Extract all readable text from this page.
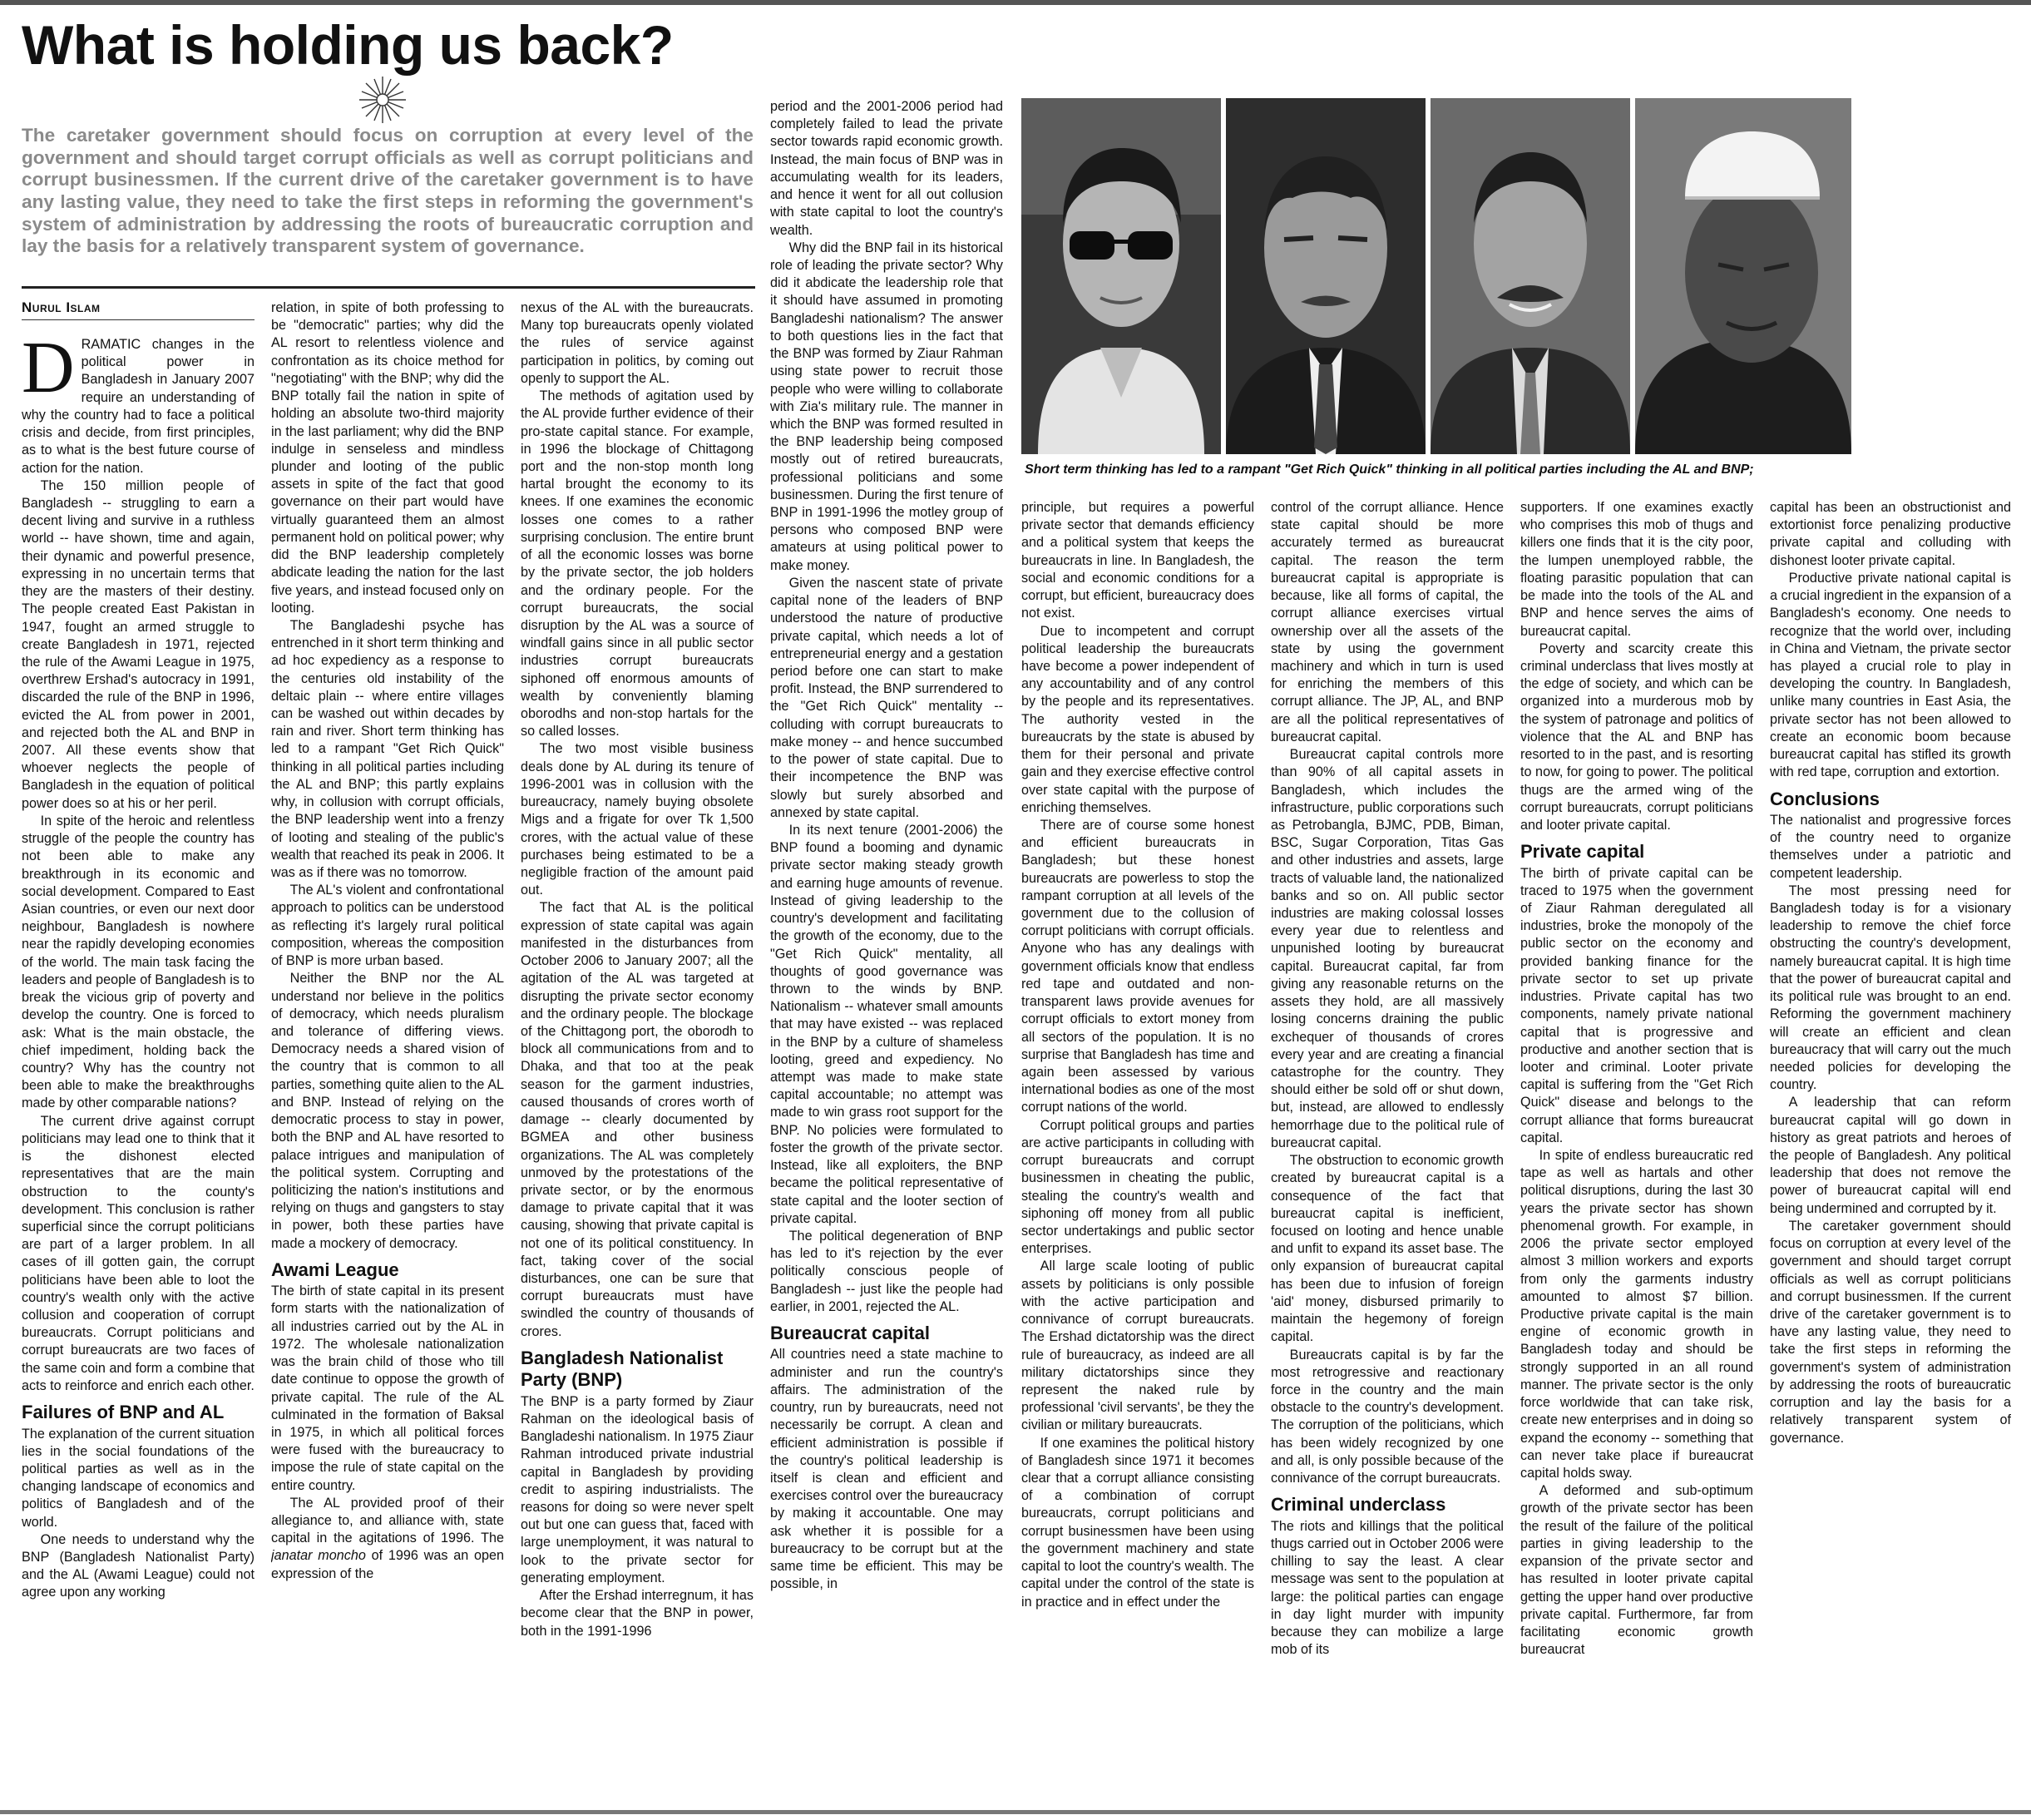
What is holding us back?

The caretaker government should focus on corruption at every level of the government and should target corrupt officials as well as corrupt politicians and corrupt businessmen. If the current drive of the caretaker government is to have any lasting value, they need to take the first steps in reforming the government's system of administration by addressing the roots of bureaucratic corruption and lay the basis for a relatively transparent system of governance.

Nurul Islam

DRAMATIC changes in the political power in Bangladesh in January 2007 require an understanding of why the country had to face a political crisis and decide, from first principles, as to what is the best future course of action for the nation.

The 150 million people of Bangladesh -- struggling to earn a decent living and survive in a ruthless world -- have shown, time and again, their dynamic and powerful presence, expressing in no uncertain terms that they are the masters of their destiny. The people created East Pakistan in 1947, fought an armed struggle to create Bangladesh in 1971, rejected the rule of the Awami League in 1975, overthrew Ershad's autocracy in 1991, discarded the rule of the BNP in 1996, evicted the AL from power in 2001, and rejected both the AL and BNP in 2007. All these events show that whoever neglects the people of Bangladesh in the equation of political power does so at his or her peril.

In spite of the heroic and relentless struggle of the people the country has not been able to make any breakthrough in its economic and social development. Compared to East Asian countries, or even our next door neighbour, Bangladesh is nowhere near the rapidly developing economies of the world. The main task facing the leaders and people of Bangladesh is to break the vicious grip of poverty and develop the country. One is forced to ask: What is the main obstacle, the chief impediment, holding back the country? Why has the country not been able to make the breakthroughs made by other comparable nations?

The current drive against corrupt politicians may lead one to think that it is the dishonest elected representatives that are the main obstruction to the county's development. This conclusion is rather superficial since the corrupt politicians are part of a larger problem. In all cases of ill gotten gain, the corrupt politicians have been able to loot the country's wealth only with the active collusion and cooperation of corrupt bureaucrats. Corrupt politicians and corrupt bureaucrats are two faces of the same coin and form a combine that acts to reinforce and enrich each other.

Failures of BNP and AL

The explanation of the current situation lies in the social foundations of the political parties as well as in the changing landscape of economics and politics of Bangladesh and of the world.

One needs to understand why the BNP (Bangladesh Nationalist Party) and the AL (Awami League) could not agree upon any working

relation, in spite of both professing to be "democratic" parties; why did the AL resort to relentless violence and confrontation as its choice method for "negotiating" with the BNP; why did the BNP totally fail the nation in spite of holding an absolute two-third majority in the last parliament; why did the BNP indulge in senseless and mindless plunder and looting of the public assets in spite of the fact that good governance on their part would have virtually guaranteed them an almost permanent hold on political power; why did the BNP leadership completely abdicate leading the nation for the last five years, and instead focused only on looting.

The Bangladeshi psyche has entrenched in it short term thinking and ad hoc expediency as a response to the centuries old instability of the deltaic plain -- where entire villages can be washed out within decades by rain and river. Short term thinking has led to a rampant "Get Rich Quick" thinking in all political parties including the AL and BNP; this partly explains why, in collusion with corrupt officials, the BNP leadership went into a frenzy of looting and stealing of the public's wealth that reached its peak in 2006. It was as if there was no tomorrow.

The AL's violent and confrontational approach to politics can be understood as reflecting it's largely rural political composition, whereas the composition of BNP is more urban based.

Neither the BNP nor the AL understand nor believe in the politics of democracy, which needs pluralism and tolerance of differing views. Democracy needs a shared vision of the country that is common to all parties, something quite alien to the AL and BNP. Instead of relying on the democratic process to stay in power, both the BNP and AL have resorted to palace intrigues and manipulation of the political system. Corrupting and politicizing the nation's institutions and relying on thugs and gangsters to stay in power, both these parties have made a mockery of democracy.

Awami League

The birth of state capital in its present form starts with the nationalization of all industries carried out by the AL in 1972. The wholesale nationalization was the brain child of those who till date continue to oppose the growth of private capital. The rule of the AL culminated in the formation of Baksal in 1975, in which all political forces were fused with the bureaucracy to impose the rule of state capital on the entire country.

The AL provided proof of their allegiance to, and alliance with, state capital in the agitations of 1996. The janatar moncho of 1996 was an open expression of the

nexus of the AL with the bureaucrats. Many top bureaucrats openly violated the rules of service against participation in politics, by coming out openly to support the AL.

The methods of agitation used by the AL provide further evidence of their pro-state capital stance. For example, in 1996 the blockage of Chittagong port and the non-stop month long hartal brought the economy to its knees. If one examines the economic losses one comes to a rather surprising conclusion. The entire brunt of all the economic losses was borne by the private sector, the job holders and the ordinary people. For the corrupt bureaucrats, the social disruption by the AL was a source of windfall gains since in all public sector industries corrupt bureaucrats siphoned off enormous amounts of wealth by conveniently blaming oborodhs and non-stop hartals for the so called losses.

The two most visible business deals done by AL during its tenure of 1996-2001 was in collusion with the bureaucracy, namely buying obsolete Migs and a frigate for over Tk 1,500 crores, with the actual value of these purchases being estimated to be a negligible fraction of the amount paid out.

The fact that AL is the political expression of state capital was again manifested in the disturbances from October 2006 to January 2007; all the agitation of the AL was targeted at disrupting the private sector economy and the ordinary people. The blockage of the Chittagong port, the oborodh to block all communications from and to Dhaka, and that too at the peak season for the garment industries, caused thousands of crores worth of damage -- clearly documented by BGMEA and other business organizations. The AL was completely unmoved by the protestations of the private sector, or by the enormous damage to private capital that it was causing, showing that private capital is not one of its political constituency. In fact, taking cover of the social disturbances, one can be sure that corrupt bureaucrats must have swindled the country of thousands of crores.

Bangladesh Nationalist Party (BNP)

The BNP is a party formed by Ziaur Rahman on the ideological basis of Bangladeshi nationalism. In 1975 Ziaur Rahman introduced private industrial capital in Bangladesh by providing credit to aspiring industrialists. The reasons for doing so were never spelt out but one can guess that, faced with large unemployment, it was natural to look to the private sector for generating employment.

After the Ershad interregnum, it has become clear that the BNP in power, both in the 1991-1996

period and the 2001-2006 period had completely failed to lead the private sector towards rapid economic growth. Instead, the main focus of BNP was in accumulating wealth for its leaders, and hence it went for all out collusion with state capital to loot the country's wealth.

Why did the BNP fail in its historical role of leading the private sector? Why did it abdicate the leadership role that it should have assumed in promoting Bangladeshi nationalism? The answer to both questions lies in the fact that the BNP was formed by Ziaur Rahman using state power to recruit those people who were willing to collaborate with Zia's military rule. The manner in which the BNP was formed resulted in the BNP leadership being composed mostly out of retired bureaucrats, professional politicians and some businessmen. During the first tenure of BNP in 1991-1996 the motley group of persons who composed BNP were amateurs at using political power to make money.

Given the nascent state of private capital none of the leaders of BNP understood the nature of productive private capital, which needs a lot of entrepreneurial energy and a gestation period before one can start to make profit. Instead, the BNP surrendered to the "Get Rich Quick" mentality -- colluding with corrupt bureaucrats to make money -- and hence succumbed to the power of state capital. Due to their incompetence the BNP was slowly but surely absorbed and annexed by state capital.

In its next tenure (2001-2006) the BNP found a booming and dynamic private sector making steady growth and earning huge amounts of revenue. Instead of giving leadership to the country's development and facilitating the growth of the economy, due to the "Get Rich Quick" mentality, all thoughts of good governance was thrown to the winds by BNP. Nationalism -- whatever small amounts that may have existed -- was replaced in the BNP by a culture of shameless looting, greed and expediency. No attempt was made to make state capital accountable; no attempt was made to win grass root support for the BNP. No policies were formulated to foster the growth of the private sector. Instead, like all exploiters, the BNP became the political representative of state capital and the looter section of private capital.

The political degeneration of BNP has led to it's rejection by the ever politically conscious people of Bangladesh -- just like the people had earlier, in 2001, rejected the AL.

Bureaucrat capital

All countries need a state machine to administer and run the country's affairs. The administration of the country, run by bureaucrats, need not necessarily be corrupt. A clean and efficient administration is possible if the country's political leadership is itself is clean and efficient and exercises control over the bureaucracy by making it accountable. One may ask whether it is possible for a bureaucracy to be corrupt but at the same time be efficient. This may be possible, in

Short term thinking has led to a rampant "Get Rich Quick" thinking in all political parties including the AL and BNP;

principle, but requires a powerful private sector that demands efficiency and a political system that keeps the bureaucrats in line. In Bangladesh, the social and economic conditions for a corrupt, but efficient, bureaucracy does not exist.

Due to incompetent and corrupt political leadership the bureaucrats have become a power independent of any accountability and of any control by the people and its representatives. The authority vested in the bureaucrats by the state is abused by them for their personal and private gain and they exercise effective control over state capital with the purpose of enriching themselves.

There are of course some honest and efficient bureaucrats in Bangladesh; but these honest bureaucrats are powerless to stop the rampant corruption at all levels of the government due to the collusion of corrupt politicians with corrupt officials. Anyone who has any dealings with government officials know that endless red tape and outdated and non-transparent laws provide avenues for corrupt officials to extort money from all sectors of the population. It is no surprise that Bangladesh has time and again been assessed by various international bodies as one of the most corrupt nations of the world.

Corrupt political groups and parties are active participants in colluding with corrupt bureaucrats and corrupt businessmen in cheating the public, stealing the country's wealth and siphoning off money from all public sector undertakings and public sector enterprises.

All large scale looting of public assets by politicians is only possible with the active participation and connivance of corrupt bureaucrats. The Ershad dictatorship was the direct rule of bureaucracy, as indeed are all military dictatorships since they represent the naked rule by professional 'civil servants', be they the civilian or military bureaucrats.

If one examines the political history of Bangladesh since 1971 it becomes clear that a corrupt alliance consisting of a combination of corrupt bureaucrats, corrupt politicians and corrupt businessmen have been using the government machinery and state capital to loot the country's wealth. The capital under the control of the state is in practice and in effect under the

control of the corrupt alliance. Hence state capital should be more accurately termed as bureaucrat capital. The reason the term bureaucrat capital is appropriate is because, like all forms of capital, the corrupt alliance exercises virtual ownership over all the assets of the state by using the government machinery and which in turn is used for enriching the members of this corrupt alliance. The JP, AL, and BNP are all the political representatives of bureaucrat capital.

Bureaucrat capital controls more than 90% of all capital assets in Bangladesh, which includes the infrastructure, public corporations such as Petrobangla, BJMC, PDB, Biman, BSC, Sugar Corporation, Titas Gas and other industries and assets, large tracts of valuable land, the nationalized banks and so on. All public sector industries are making colossal losses every year due to relentless and unpunished looting by bureaucrat capital. Bureaucrat capital, far from giving any reasonable returns on the assets they hold, are all massively losing concerns draining the public exchequer of thousands of crores every year and are creating a financial catastrophe for the country. They should either be sold off or shut down, but, instead, are allowed to endlessly hemorrhage due to the political rule of bureaucrat capital.

The obstruction to economic growth created by bureaucrat capital is a consequence of the fact that bureaucrat capital is inefficient, focused on looting and hence unable and unfit to expand its asset base. The only expansion of bureaucrat capital has been due to infusion of foreign 'aid' money, disbursed primarily to maintain the hegemony of foreign capital.

Bureaucrats capital is by far the most retrogressive and reactionary force in the country and the main obstacle to the country's development. The corruption of the politicians, which has been widely recognized by one and all, is only possible because of the connivance of the corrupt bureaucrats.

Criminal underclass

The riots and killings that the political thugs carried out in October 2006 were chilling to say the least. A clear message was sent to the population at large: the political parties can engage in day light murder with impunity because they can mobilize a large mob of its

supporters. If one examines exactly who comprises this mob of thugs and killers one finds that it is the city poor, the lumpen unemployed rabble, the floating parasitic population that can be made into the tools of the AL and BNP and hence serves the aims of bureaucrat capital.

Poverty and scarcity create this criminal underclass that lives mostly at the edge of society, and which can be organized into a murderous mob by the system of patronage and politics of violence that the AL and BNP has resorted to in the past, and is resorting to now, for going to power. The political thugs are the armed wing of the corrupt bureaucrats, corrupt politicians and looter private capital.

Private capital

The birth of private capital can be traced to 1975 when the government of Ziaur Rahman deregulated all industries, broke the monopoly of the public sector on the economy and provided banking finance for the private sector to set up private industries. Private capital has two components, namely private national capital that is progressive and productive and another section that is looter and criminal. Looter private capital is suffering from the "Get Rich Quick" disease and belongs to the corrupt alliance that forms bureaucrat capital.

In spite of endless bureaucratic red tape as well as hartals and other political disruptions, during the last 30 years the private sector has shown phenomenal growth. For example, in 2006 the private sector employed almost 3 million workers and exports from only the garments industry amounted to almost $7 billion. Productive private capital is the main engine of economic growth in Bangladesh today and should be strongly supported in an all round manner. The private sector is the only force worldwide that can take risk, create new enterprises and in doing so expand the economy -- something that can never take place if bureaucrat capital holds sway.

A deformed and sub-optimum growth of the private sector has been the result of the failure of the political parties in giving leadership to the expansion of the private sector and has resulted in looter private capital getting the upper hand over productive private capital. Furthermore, far from facilitating economic growth bureaucrat

capital has been an obstructionist and extortionist force penalizing productive private capital and colluding with dishonest looter private capital.

Productive private national capital is a crucial ingredient in the expansion of a Bangladesh's economy. One needs to recognize that the world over, including in China and Vietnam, the private sector has played a crucial role to play in developing the country. In Bangladesh, unlike many countries in East Asia, the private sector has not been allowed to create an economic boom because bureaucrat capital has stifled its growth with red tape, corruption and extortion.

Conclusions

The nationalist and progressive forces of the country need to organize themselves under a patriotic and competent leadership.

The most pressing need for Bangladesh today is for a visionary leadership to remove the chief force obstructing the country's development, namely bureaucrat capital. It is high time that the power of bureaucrat capital and its political rule was brought to an end. Reforming the government machinery will create an efficient and clean bureaucracy that will carry out the much needed policies for developing the country.

A leadership that can reform bureaucrat capital will go down in history as great patriots and heroes of the people of Bangladesh. Any political leadership that does not remove the power of bureaucrat capital will end being undermined and corrupted by it.

The caretaker government should focus on corruption at every level of the government and should target corrupt officials as well as corrupt politicians and corrupt businessmen. If the current drive of the caretaker government is to have any lasting value, they need to take the first steps in reforming the government's system of administration by addressing the roots of bureaucratic corruption and lay the basis for a relatively transparent system of governance.
